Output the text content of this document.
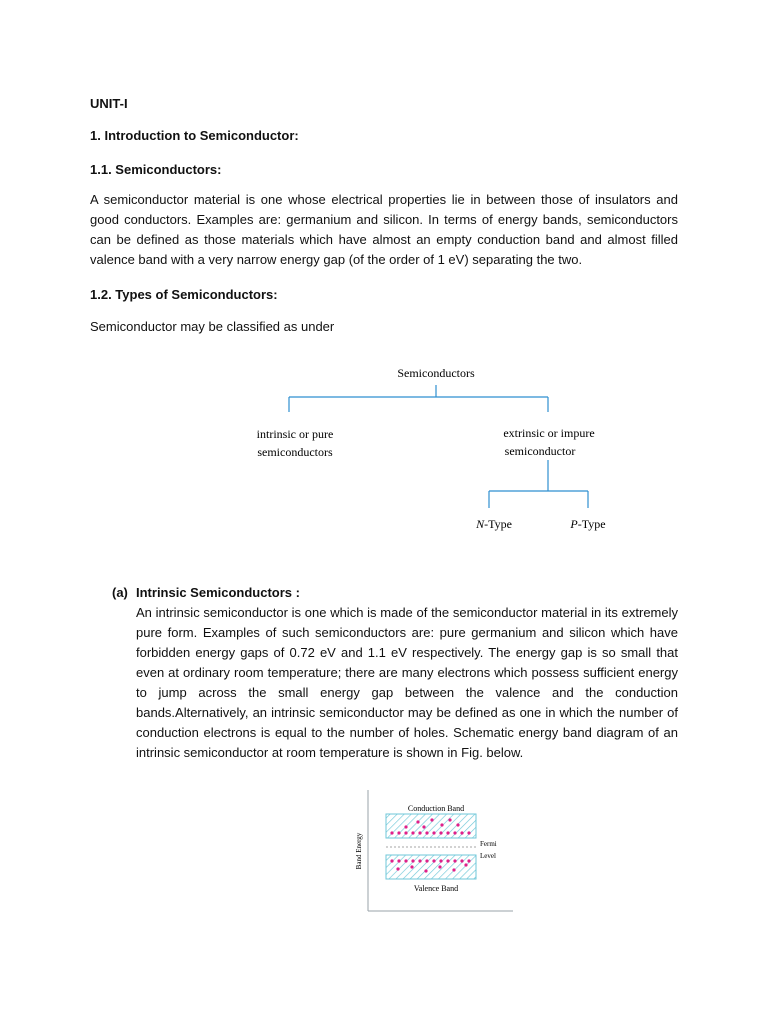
UNIT-I
1. Introduction to Semiconductor:
1.1. Semiconductors:
A semiconductor material is one whose electrical properties lie in between those of insulators and good conductors. Examples are: germanium and silicon. In terms of energy bands, semiconductors can be defined as those materials which have almost an empty conduction band and almost filled valence band with a very narrow energy gap (of the order of 1 eV) separating the two.
1.2. Types of Semiconductors:
Semiconductor may be classified as under
Semiconductors
intrinsic or pure
semiconductors
extrinsic or impure
semiconductor
N-Type	P-Type
(a) Intrinsic Semiconductors :
An intrinsic semiconductor is one which is made of the semiconductor material in its extremely pure form. Examples of such semiconductors are: pure germanium and silicon which have forbidden energy gaps of 0.72 eV and 1.1 eV respectively. The energy gap is so small that even at ordinary room temperature; there are many electrons which possess sufficient energy to jump across the small energy gap between the valence and the conduction bands.Alternatively, an intrinsic semiconductor may be defined as one in which the number of conduction electrons is equal to the number of holes. Schematic energy band diagram of an intrinsic semiconductor at room temperature is shown in Fig. below.
Band Energy
Conduction Band
Fermi
Level
Valence Band
